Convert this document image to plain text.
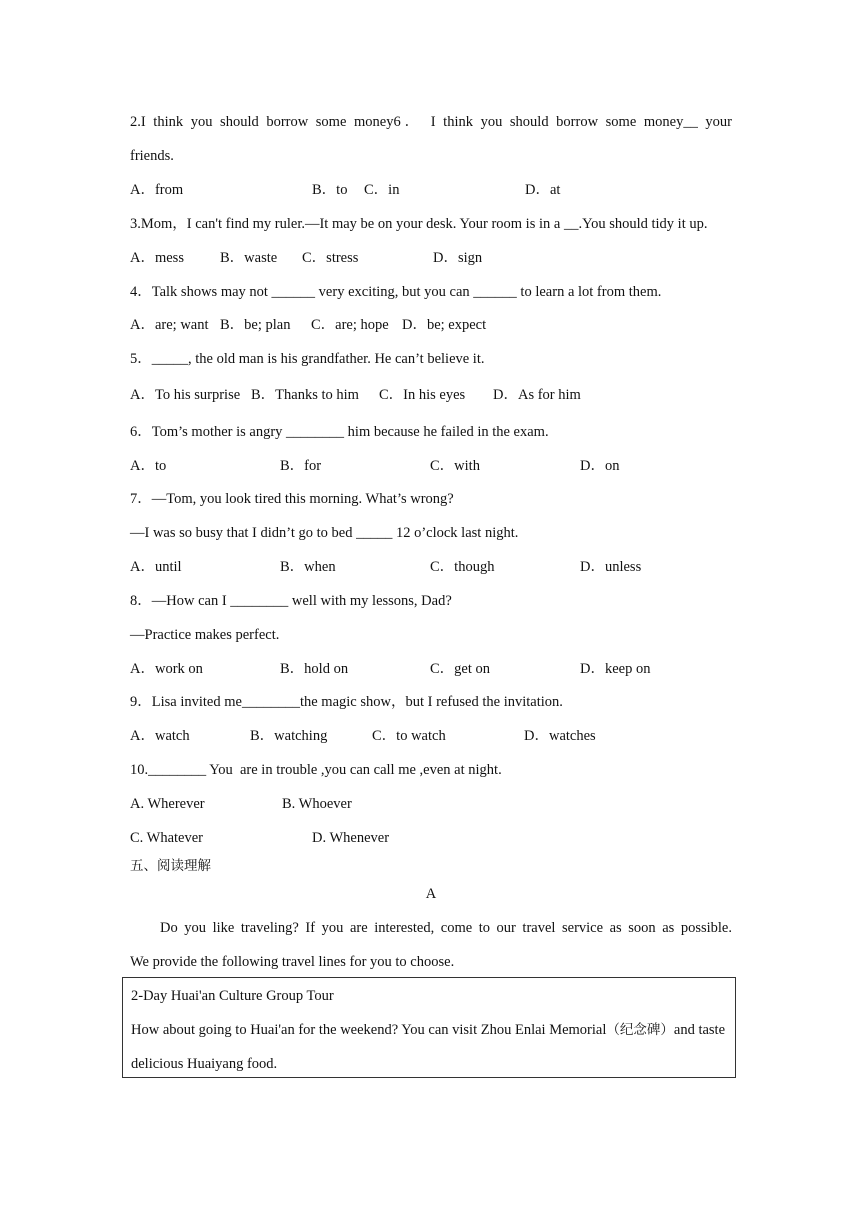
2.I think you should borrow some money6． I think you should borrow some money__ your
friends.
A．from	B．to C．in	D．at
3.Mom，I can't find my ruler.—It may be on your desk. Your room is in a __.You should tidy it up.
A．mess B．waste C．stress	D．sign
4．Talk shows may not ______ very exciting, but you can ______ to learn a lot from them.
A．are; want B．be; plan C．are; hope D．be; expect
5．_____, the old man is his grandfather. He can’t believe it.
A．To his surprise B．Thanks to him C．In his eyes D．As for him
6．Tom’s mother is angry ________ him because he failed in the exam.
A．to	B．for	C．with	D．on
7．—Tom, you look tired this morning. What’s wrong?
—I was so busy that I didn’t go to bed _____ 12 o’clock last night.
A．until	B．when	C．though	D．unless
8．—How can I ________ well with my lessons, Dad?
—Practice makes perfect.
A．work on	B．hold on	C．get on	D．keep on
9．Lisa invited me________the magic show，but I refused the invitation.
A．watch	B．watching	C．to watch	D．watches
10.________ You  are in trouble ,you can call me ,even at night.
A. Wherever	B. Whoever
C. Whatever	D. Whenever
五、阅读理解
A
Do you like traveling? If you are interested, come to our travel service as soon as possible.
We provide the following travel lines for you to choose.
2-Day Huai'an Culture Group Tour
How about going to Huai'an for the weekend? You can visit Zhou Enlai Memorial（纪念碑）and taste
delicious Huaiyang food.
